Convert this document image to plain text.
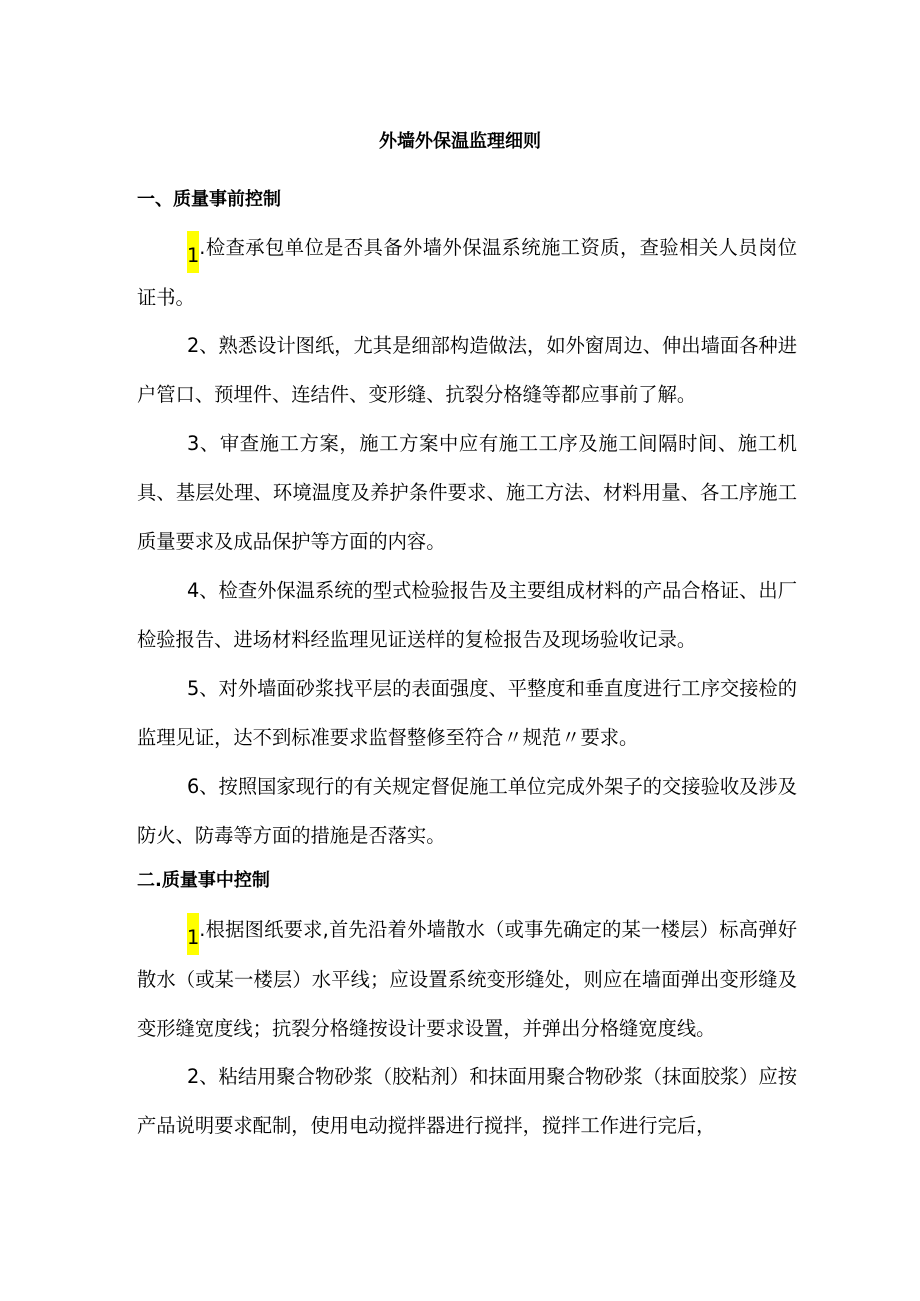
外墙外保温监理细则
一、质量事前控制

1.检查承包单位是否具备外墙外保温系统施工资质，查验相关人员岗位证书。

2、熟悉设计图纸，尤其是细部构造做法，如外窗周边、伸出墙面各种进户管口、预埋件、连结件、变形缝、抗裂分格缝等都应事前了解。

3、审查施工方案，施工方案中应有施工工序及施工间隔时间、施工机具、基层处理、环境温度及养护条件要求、施工方法、材料用量、各工序施工质量要求及成品保护等方面的内容。

4、检查外保温系统的型式检验报告及主要组成材料的产品合格证、出厂检验报告、进场材料经监理见证送样的复检报告及现场验收记录。

5、对外墙面砂浆找平层的表面强度、平整度和垂直度进行工序交接检的监理见证，达不到标准要求监督整修至符合〃规范〃要求。

6、按照国家现行的有关规定督促施工单位完成外架子的交接验收及涉及防火、防毒等方面的措施是否落实。

二.质量事中控制

1.根据图纸要求,首先沿着外墙散水（或事先确定的某一楼层）标高弹好散水（或某一楼层）水平线；应设置系统变形缝处，则应在墙面弹出变形缝及变形缝宽度线；抗裂分格缝按设计要求设置，并弹出分格缝宽度线。

2、粘结用聚合物砂浆（胶粘剂）和抹面用聚合物砂浆（抹面胶浆）应按产品说明要求配制，使用电动搅拌器进行搅拌，搅拌工作进行完后，
